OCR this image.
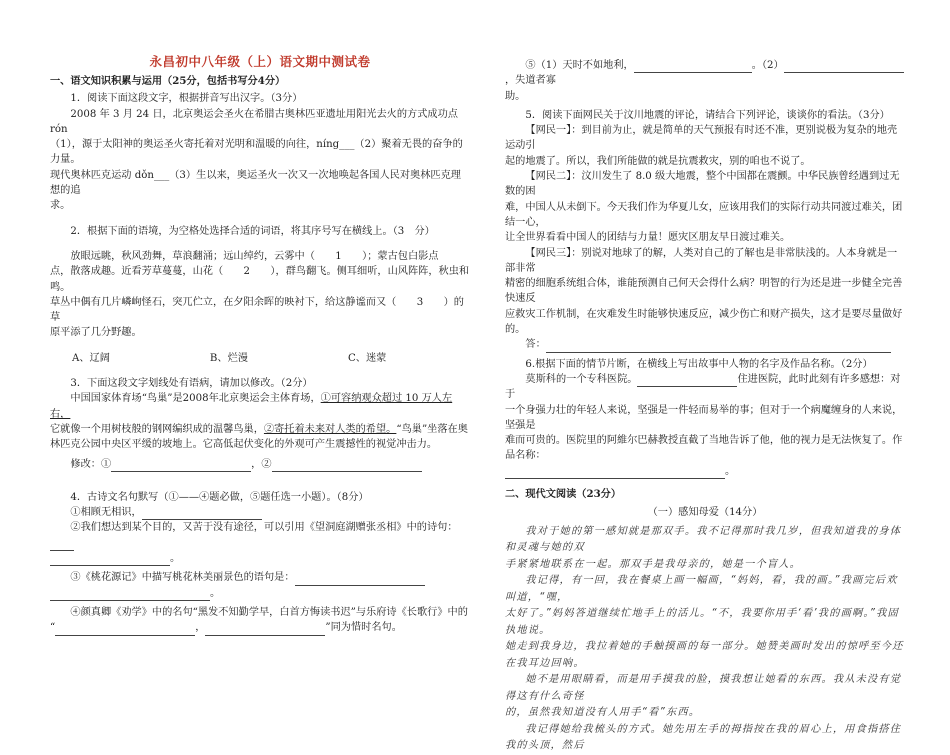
永昌初中八年级（上）语文期中测试卷

一、语文知识积累与运用（25分，包括书写分4分）

1．阅读下面这段文字，根据拼音写出汉字。（3分）

2008 年 3 月 24 日，北京奥运会圣火在希腊古奥林匹亚遗址用阳光去火的方式成功点 rón

（1），源于太阳神的奥运圣火寄托着对光明和温暖的向往，níng___（2）聚着无畏的奋争的力量。

现代奥林匹克运动 dǒn___（3）生以来，奥运圣火一次又一次地唤起各国人民对奥林匹克理想的追

求。

2．根据下面的语境，为空格处选择合适的词语，将其序号写在横线上。（3　分）

放眼远眺，秋风劲舞，草浪翻涌；远山绰约，云雾中（　　1　　）；蒙古包白影点

点，散落成趣。近看芳草蔓蔓，山花（　　2　　），群鸟翻飞。侧耳细听，山风阵阵，秋虫和鸣。

草丛中偶有几片嶙峋怪石，突兀伫立，在夕阳余晖的映衬下，给这静谧而又（　　3　　）的草

原平添了几分野趣。

A、辽阔	B、烂漫	C、迷蒙

3．下面这段文字划线处有语病，请加以修改。（2分）

中国国家体育场“鸟巢”是2008年北京奥运会主体育场，①可容纳观众超过 10 万人左右，

它就像一个用树枝般的钢网编织成的温馨鸟巢，②寄托着未来对人类的希望。“鸟巢”坐落在奥

林匹克公园中央区平缓的坡地上。它高低起伏变化的外观可产生震撼性的视觉冲击力。

修改：①	，②

4．古诗文名句默写（①——④题必做，⑤题任选一小题）。（8分）

①相顾无相识，

②我们想达到某个目的，又苦于没有途径，可以引用《望洞庭湖赠张丞相》中的诗句：

。

③《桃花源记》中描写桃花林美丽景色的语句是：

。

④颜真卿《劝学》中的名句“黑发不知勤学早，白首方悔读书迟”与乐府诗《长歌行》中的

“	，	”同为惜时名句。

⑤（1）天时不如地利，	。（2），失道者寡

助。

5．阅读下面网民关于汶川地震的评论，请结合下列评论，谈谈你的看法。（3分）

【网民一】：到目前为止，就是简单的天气预报有时还不准，更别说极为复杂的地壳运动引

起的地震了。所以，我们所能做的就是抗震救灾，别的咱也不说了。

【网民二】：汶川发生了 8.0 级大地震，整个中国都在震颤。中华民族曾经遇到过无数的困

难，中国人从未倒下。今天我们作为华夏儿女，应该用我们的实际行动共同渡过难关，团结一心，

让全世界看看中国人的团结与力量！愿灾区朋友早日渡过难关。

【网民三】：别说对地球了的解，人类对自己的了解也是非常肤浅的。人本身就是一部非常

精密的细胞系统组合体，谁能预测自己何天会得什么病？明智的行为还是进一步健全完善快速反

应救灾工作机制，在灾难发生时能够快速反应，减少伤亡和财产损失，这才是要尽量做好的。

答：

6.根据下面的情节片断，在横线上写出故事中人物的名字及作品名称。（2分）

莫斯科的一个专科医院。	住进医院，此时此刻有许多感想：对于

一个身强力壮的年轻人来说，坚强是一件轻而易举的事；但对于一个病魔缠身的人来说，坚强是

难而可贵的。医院里的阿維尔巴赫教授直截了当地告诉了他，他的视力是无法恢复了。作品名称：

。

二、现代文阅读（23分）

（一）感知母爱（14分）

我对于她的第一感知就是那双手。我不记得那时我几岁，但我知道我的身体和灵魂与她的双

手紧紧地联系在一起。那双手是我母亲的，她是一个盲人。

我记得，有一回，我在餐桌上画一幅画，“妈妈，看，我的画。”我画完后欢叫道，“嘿，

太好了。”妈妈答道继续忙地手上的活儿。“不，我要你用手‘看’我的画啊。”我固执地说。

她走到我身边，我拉着她的手触摸画的每一部分。她赞美画时发出的惊呼至今还在我耳边回响。

她不是用眼睛看，而是用手摸我的脸，摸我想让她看的东西。我从未没有觉得这有什么奇怪

的，虽然我知道没有人用手“看”东西。

我记得她给我梳头的方式。她先用左手的拇指按在我的眉心上，用食指搭住我的头顶，然后
